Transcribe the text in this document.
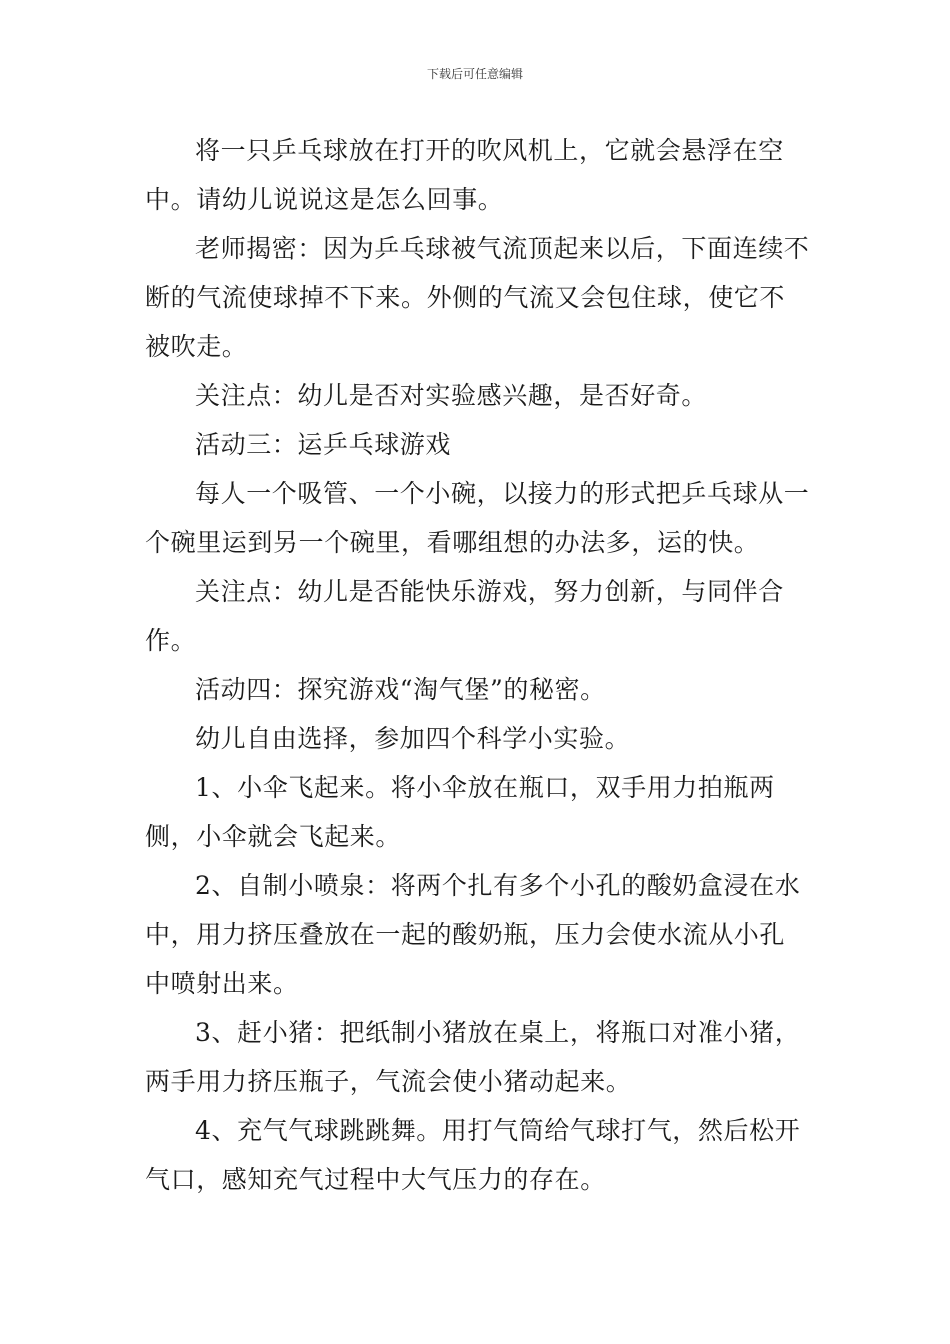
下载后可任意编辑

将一只乒乓球放在打开的吹风机上，它就会悬浮在空中。请幼儿说说这是怎么回事。

老师揭密：因为乒乓球被气流顶起来以后，下面连续不断的气流使球掉不下来。外侧的气流又会包住球，使它不被吹走。

关注点：幼儿是否对实验感兴趣，是否好奇。

活动三：运乒乓球游戏

每人一个吸管、一个小碗，以接力的形式把乒乓球从一个碗里运到另一个碗里，看哪组想的办法多，运的快。

关注点：幼儿是否能快乐游戏，努力创新，与同伴合作。

活动四：探究游戏“淘气堡”的秘密。

幼儿自由选择，参加四个科学小实验。

1、小伞飞起来。将小伞放在瓶口，双手用力拍瓶两侧，小伞就会飞起来。

2、自制小喷泉：将两个扎有多个小孔的酸奶盒浸在水中，用力挤压叠放在一起的酸奶瓶，压力会使水流从小孔中喷射出来。

3、赶小猪：把纸制小猪放在桌上，将瓶口对准小猪，两手用力挤压瓶子，气流会使小猪动起来。

4、充气气球跳跳舞。用打气筒给气球打气，然后松开气口，感知充气过程中大气压力的存在。
